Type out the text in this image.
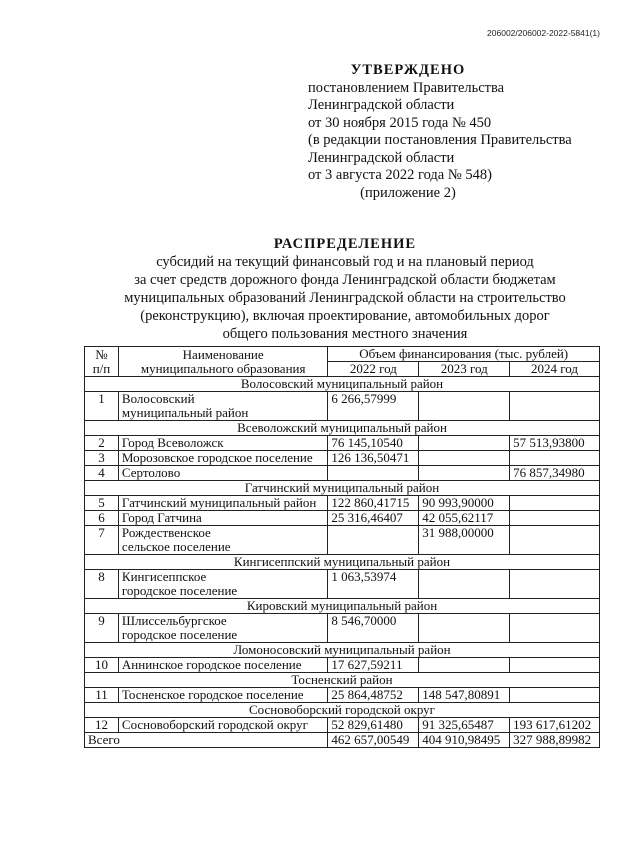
206002/206002-2022-5841(1)
УТВЕРЖДЕНО
постановлением Правительства
Ленинградской области
от 30 ноября 2015 года № 450
(в редакции постановления Правительства
Ленинградской области
от 3 августа 2022 года № 548)
(приложение 2)
РАСПРЕДЕЛЕНИЕ
субсидий на текущий финансовый год и на плановый период
за счет средств дорожного фонда Ленинградской области бюджетам
муниципальных образований Ленинградской области на строительство
(реконструкцию), включая проектирование, автомобильных дорог
общего пользования местного значения
№
п/п	Наименование
муниципального образования	Объем финансирования (тыс. рублей)		
		2022 год	2023 год	2024 год
Волосовский муниципальный район				
1	Волосовский
муниципальный район	6 266,57999		
Всеволожский муниципальный район				
2	Город Всеволожск	76 145,10540		57 513,93800
3	Морозовское городское поселение	126 136,50471		
4	Сертолово			76 857,34980
Гатчинский муниципальный район				
5	Гатчинский муниципальный район	122 860,41715	90 993,90000	
6	Город Гатчина	25 316,46407	42 055,62117	
7	Рождественское
сельское поселение		31 988,00000	
Кингисеппский муниципальный район				
8	Кингисеппское
городское поселение	1 063,53974		
Кировский муниципальный район				
9	Шлиссельбургское
городское поселение	8 546,70000		
Ломоносовский муниципальный район				
10	Аннинское городское поселение	17 627,59211		
Тосненский район				
11	Тосненское городское поселение	25 864,48752	148 547,80891	
Сосновоборский городской округ				
12	Сосновоборский городской округ	52 829,61480	91 325,65487	193 617,61202
Всего		462 657,00549	404 910,98495	327 988,89982
